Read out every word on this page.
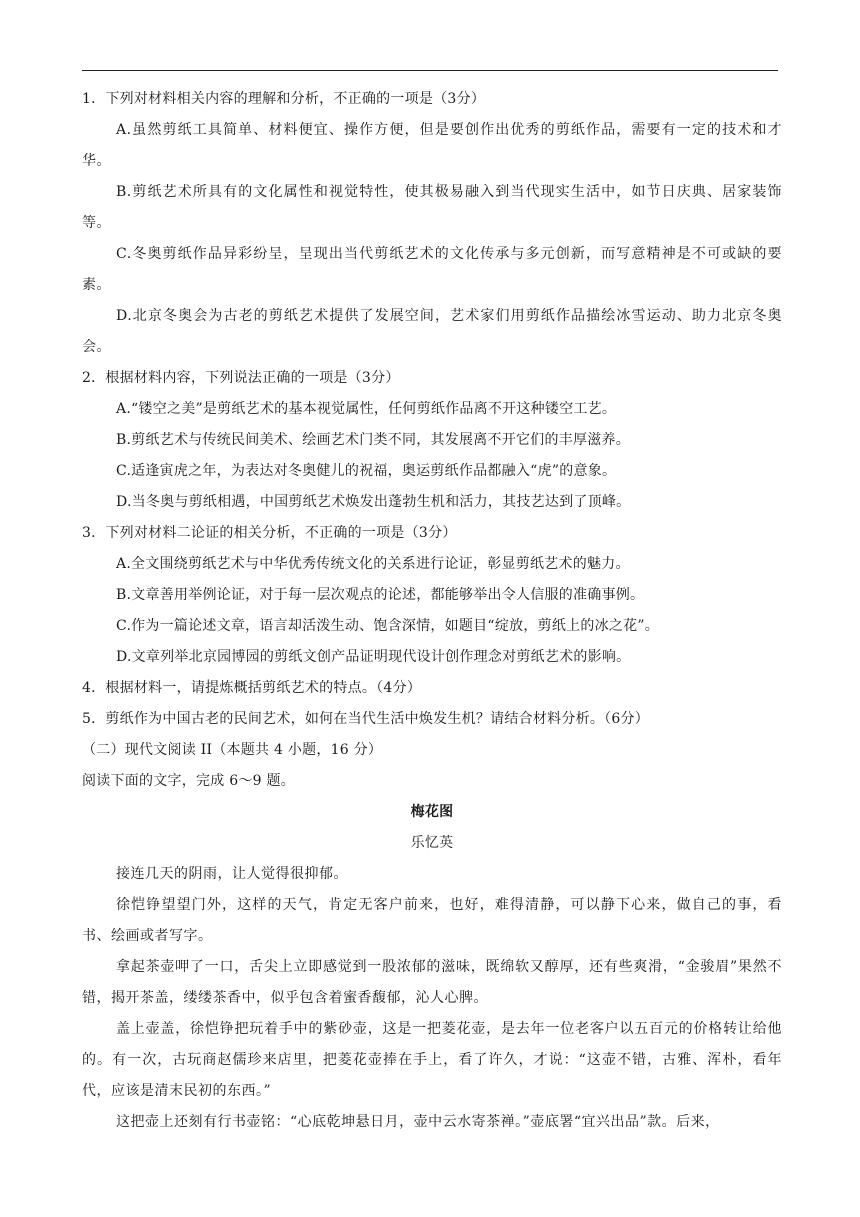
1．下列对材料相关内容的理解和分析，不正确的一项是（3分）
A.虽然剪纸工具简单、材料便宜、操作方便，但是要创作出优秀的剪纸作品，需要有一定的技术和才华。
B.剪纸艺术所具有的文化属性和视觉特性，使其极易融入到当代现实生活中，如节日庆典、居家装饰等。
C.冬奥剪纸作品异彩纷呈，呈现出当代剪纸艺术的文化传承与多元创新，而写意精神是不可或缺的要素。
D.北京冬奥会为古老的剪纸艺术提供了发展空间，艺术家们用剪纸作品描绘冰雪运动、助力北京冬奥会。
2．根据材料内容，下列说法正确的一项是（3分）
A.“镂空之美”是剪纸艺术的基本视觉属性，任何剪纸作品离不开这种镂空工艺。
B.剪纸艺术与传统民间美术、绘画艺术门类不同，其发展离不开它们的丰厚滋养。
C.适逢寅虎之年，为表达对冬奥健儿的祝福，奥运剪纸作品都融入“虎”的意象。
D.当冬奥与剪纸相遇，中国剪纸艺术焕发出蓬勃生机和活力，其技艺达到了顶峰。
3．下列对材料二论证的相关分析，不正确的一项是（3分）
A.全文围绕剪纸艺术与中华优秀传统文化的关系进行论证，彰显剪纸艺术的魅力。
B.文章善用举例论证，对于每一层次观点的论述，都能够举出令人信服的准确事例。
C.作为一篇论述文章，语言却活泼生动、饱含深情，如题目“绽放，剪纸上的冰之花”。
D.文章列举北京园博园的剪纸文创产品证明现代设计创作理念对剪纸艺术的影响。
4．根据材料一，请提炼概括剪纸艺术的特点。（4分）
5．剪纸作为中国古老的民间艺术，如何在当代生活中焕发生机？请结合材料分析。（6分）
（二）现代文阅读 II（本题共 4 小题，16 分）
阅读下面的文字，完成 6～9 题。
梅花图
乐忆英
接连几天的阴雨，让人觉得很抑郁。
徐恺铮望望门外，这样的天气，肯定无客户前来，也好，难得清静，可以静下心来，做自己的事，看书、绘画或者写字。
拿起茶壶呷了一口，舌尖上立即感觉到一股浓郁的滋味，既绵软又醇厚，还有些爽滑，“金骏眉”果然不错，揭开茶盖，缕缕茶香中，似乎包含着蜜香馥郁，沁人心脾。
盖上壶盖，徐恺铮把玩着手中的紫砂壶，这是一把菱花壶，是去年一位老客户以五百元的价格转让给他的。有一次，古玩商赵儒珍来店里，把菱花壶捧在手上，看了许久，才说：“这壶不错，古雅、浑朴，看年代，应该是清末民初的东西。”
这把壶上还刻有行书壶铭：“心底乾坤悬日月，壶中云水寄茶禅。”壶底署“宜兴出品”款。后来，
